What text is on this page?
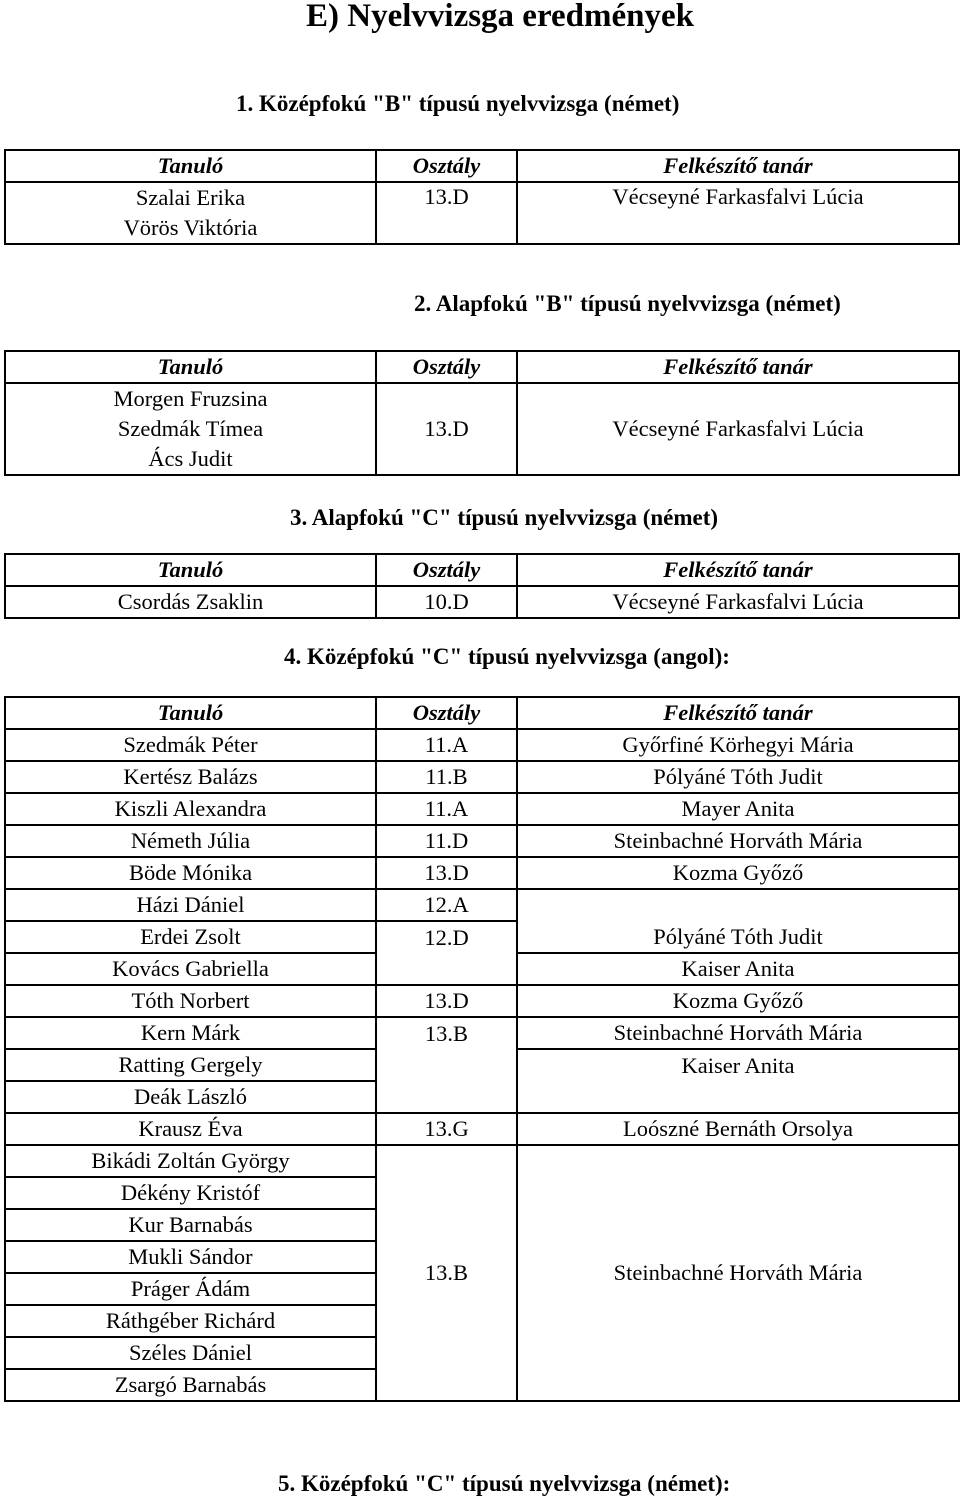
E) Nyelvvizsga eredmények
1. Középfokú "B" típusú nyelvvizsga (német)
Tanuló	Osztály	Felkészítő tanár
Szalai Erika	13.D	Vécseyné Farkasfalvi Lúcia
Vörös Viktória		
2. Alapfokú "B" típusú nyelvvizsga (német)
Tanuló	Osztály	Felkészítő tanár
Morgen Fruzsina	13.D	Vécseyné Farkasfalvi Lúcia
Szedmák Tímea		
Ács Judit		
3. Alapfokú "C" típusú nyelvvizsga (német)
Tanuló	Osztály	Felkészítő tanár
Csordás Zsaklin	10.D	Vécseyné Farkasfalvi Lúcia
4. Középfokú "C" típusú nyelvvizsga (angol):
Tanuló	Osztály	Felkészítő tanár
Szedmák Péter	11.A	Győrfiné Körhegyi Mária
Kertész Balázs	11.B	Pólyáné Tóth Judit
Kiszli Alexandra	11.A	Mayer Anita
Németh Júlia	11.D	Steinbachné Horváth Mária
Böde Mónika	13.D	Kozma Győző
Házi Dániel	12.A	
Erdei Zsolt	12.D	Pólyáné Tóth Judit
Kovács Gabriella		Kaiser Anita
Tóth Norbert	13.D	Kozma Győző
Kern Márk	13.B	Steinbachné Horváth Mária
Ratting Gergely		Kaiser Anita
Deák László		
Krausz Éva	13.G	Loószné Bernáth Orsolya
Bikádi Zoltán György	13.B	Steinbachné Horváth Mária
Dékény Kristóf		
Kur Barnabás		
Mukli Sándor		
Práger Ádám		
Ráthgéber Richárd		
Széles Dániel		
Zsargó Barnabás		
5. Középfokú "C" típusú nyelvvizsga (német):
